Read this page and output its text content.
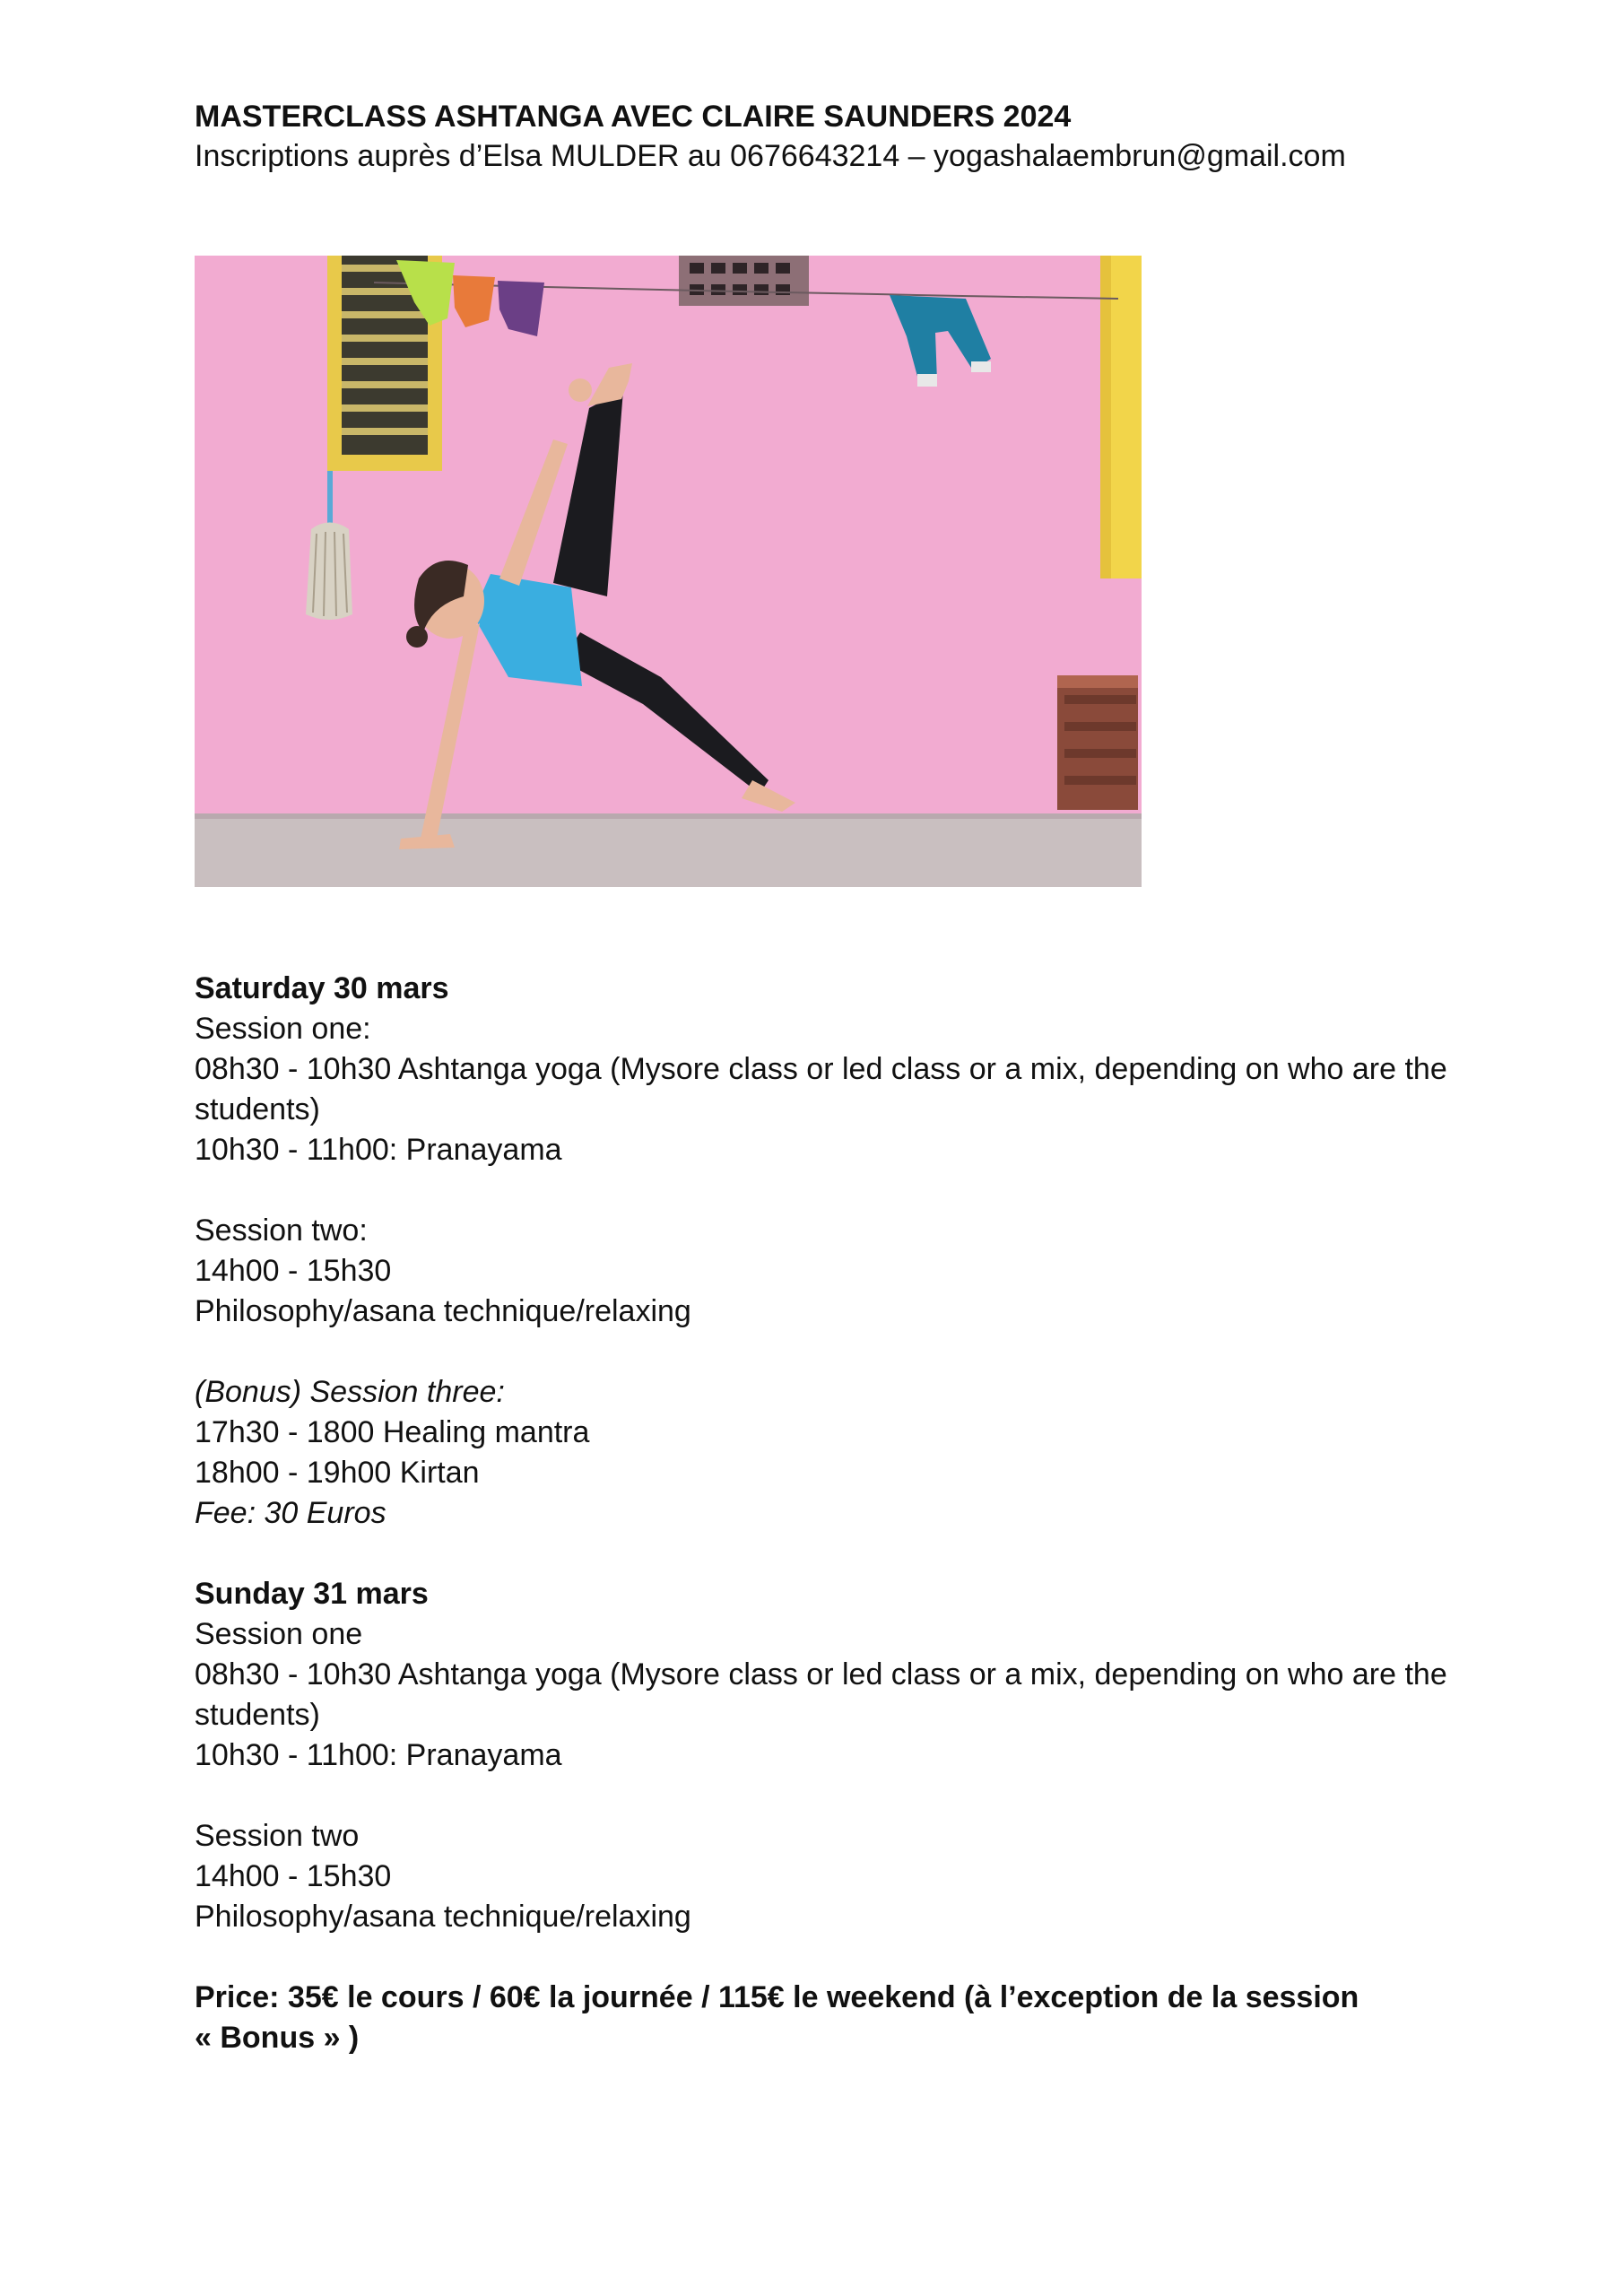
MASTERCLASS ASHTANGA AVEC CLAIRE SAUNDERS 2024

Inscriptions auprès d’Elsa MULDER au 0676643214 – yogashalaembrun@gmail.com

Saturday 30 mars

Session one:

08h30 - 10h30 Ashtanga yoga (Mysore class or led class or a mix, depending on who are the students)

10h30 - 11h00: Pranayama

Session two:

14h00 - 15h30

Philosophy/asana technique/relaxing

(Bonus) Session three:

17h30 - 1800 Healing mantra

18h00 - 19h00 Kirtan

Fee: 30 Euros

Sunday 31 mars

Session one

08h30 - 10h30 Ashtanga yoga (Mysore class or led class or a mix, depending on who are the students)

10h30 - 11h00: Pranayama

Session two

14h00 - 15h30

Philosophy/asana technique/relaxing

Price: 35€ le cours / 60€ la journée / 115€ le weekend (à l’exception de la session

« Bonus » )
